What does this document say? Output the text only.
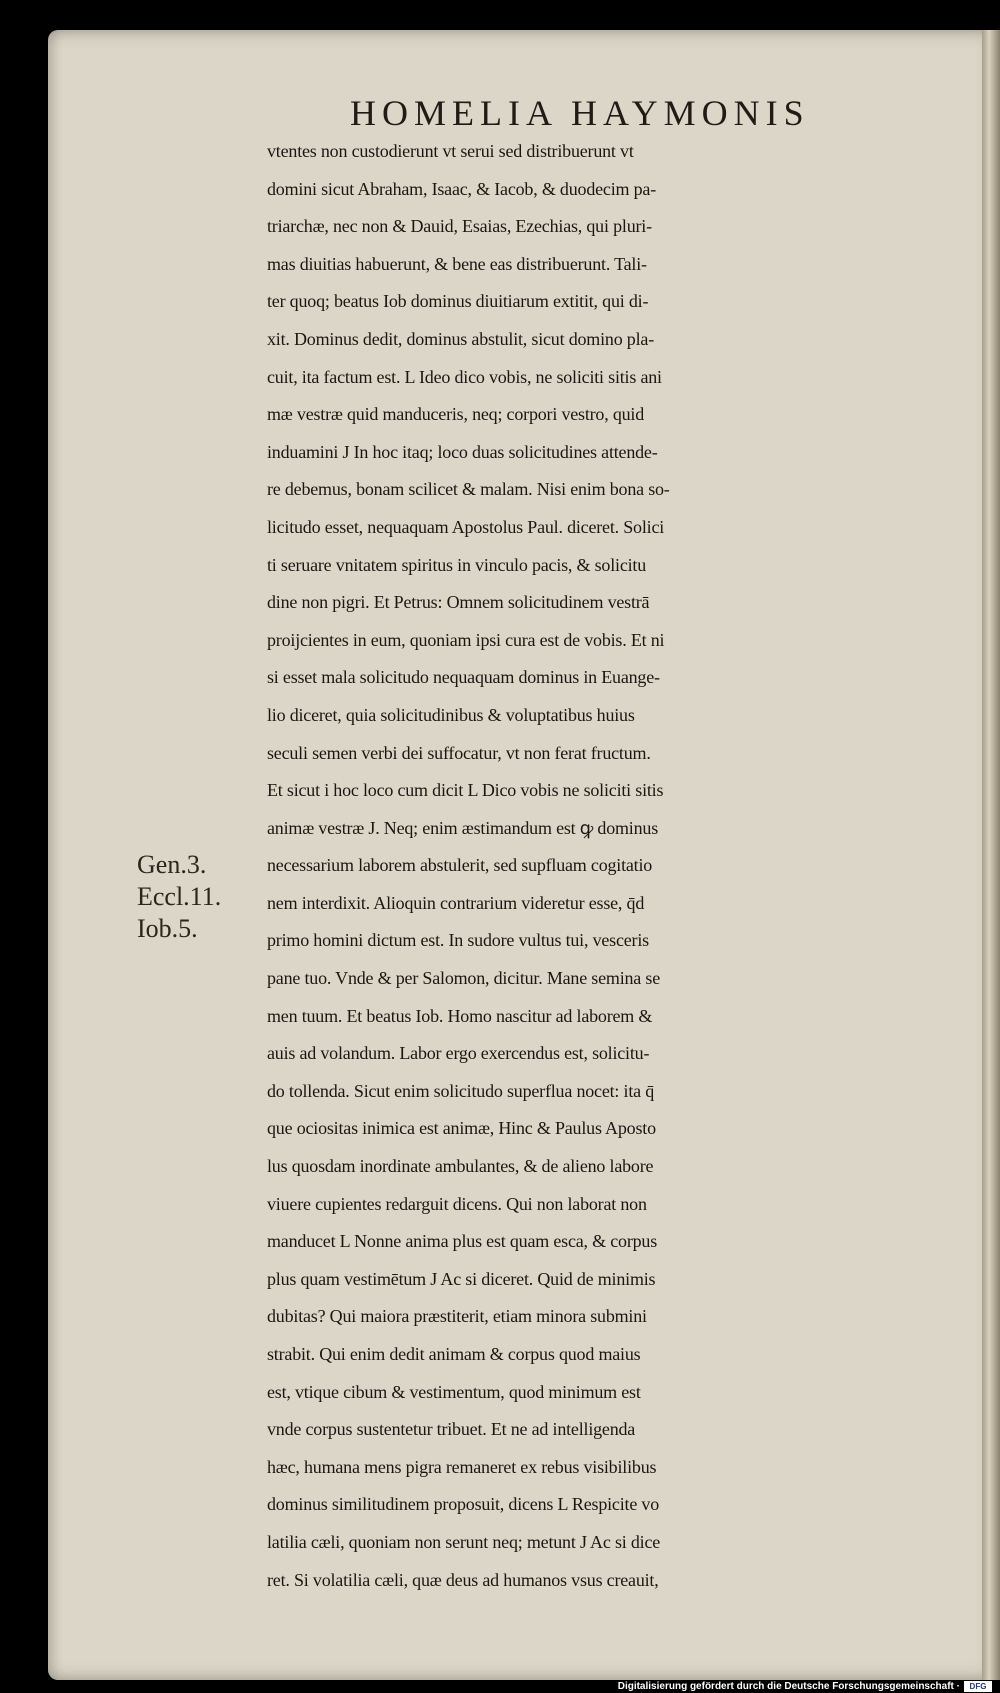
HOMELIA HAYMONIS
vtentes non custodierunt vt serui sed distribuerunt vt
domini sicut Abraham, Isaac, & Iacob, & duodecim pa-
triarchæ, nec non & Dauid, Esaias, Ezechias, qui pluri-
mas diuitias habuerunt, & bene eas distribuerunt. Tali-
ter quoq; beatus Iob dominus diuitiarum extitit, qui di-
xit. Dominus dedit, dominus abstulit, sicut domino pla-
cuit, ita factum est. L Ideo dico vobis, ne soliciti sitis ani
mæ vestræ quid manduceris, neq; corpori vestro, quid
induamini J In hoc itaq; loco duas solicitudines attende-
re debemus, bonam scilicet & malam. Nisi enim bona so-
licitudo esset, nequaquam Apostolus Paul. diceret. Solici
ti seruare vnitatem spiritus in vinculo pacis, & solicitu
dine non pigri. Et Petrus: Omnem solicitudinem vestrā
proijcientes in eum, quoniam ipsi cura est de vobis. Et ni
si esset mala solicitudo nequaquam dominus in Euange-
lio diceret, quia solicitudinibus & voluptatibus huius
seculi semen verbi dei suffocatur, vt non ferat fructum.
Et sicut i hoc loco cum dicit L Dico vobis ne soliciti sitis
animæ vestræ J. Neq; enim æstimandum est ꝙ dominus
necessarium laborem abstulerit, sed supfluam cogitatio
nem interdixit. Alioquin contrarium videretur esse, q̄d
primo homini dictum est. In sudore vultus tui, vesceris
pane tuo. Vnde & per Salomon, dicitur. Mane semina se
men tuum. Et beatus Iob. Homo nascitur ad laborem &
auis ad volandum. Labor ergo exercendus est, solicitu-
do tollenda. Sicut enim solicitudo superflua nocet: ita q̄
que ociositas inimica est animæ, Hinc & Paulus Aposto
lus quosdam inordinate ambulantes, & de alieno labore
viuere cupientes redarguit dicens. Qui non laborat non
manducet L Nonne anima plus est quam esca, & corpus
plus quam vestimētum J Ac si diceret. Quid de minimis
dubitas? Qui maiora præstiterit, etiam minora submini
strabit. Qui enim dedit animam & corpus quod maius
est, vtique cibum & vestimentum, quod minimum est
vnde corpus sustentetur tribuet. Et ne ad intelligenda
hæc, humana mens pigra remaneret ex rebus visibilibus
dominus similitudinem proposuit, dicens L Respicite vo
latilia cæli, quoniam non serunt neq; metunt J Ac si dice
ret. Si volatilia cæli, quæ deus ad humanos vsus creauit,
Gen.3.
Eccl.11.
Iob.5.
Digitalisierung gefördert durch die Deutsche Forschungsgemeinschaft ·	DFG
